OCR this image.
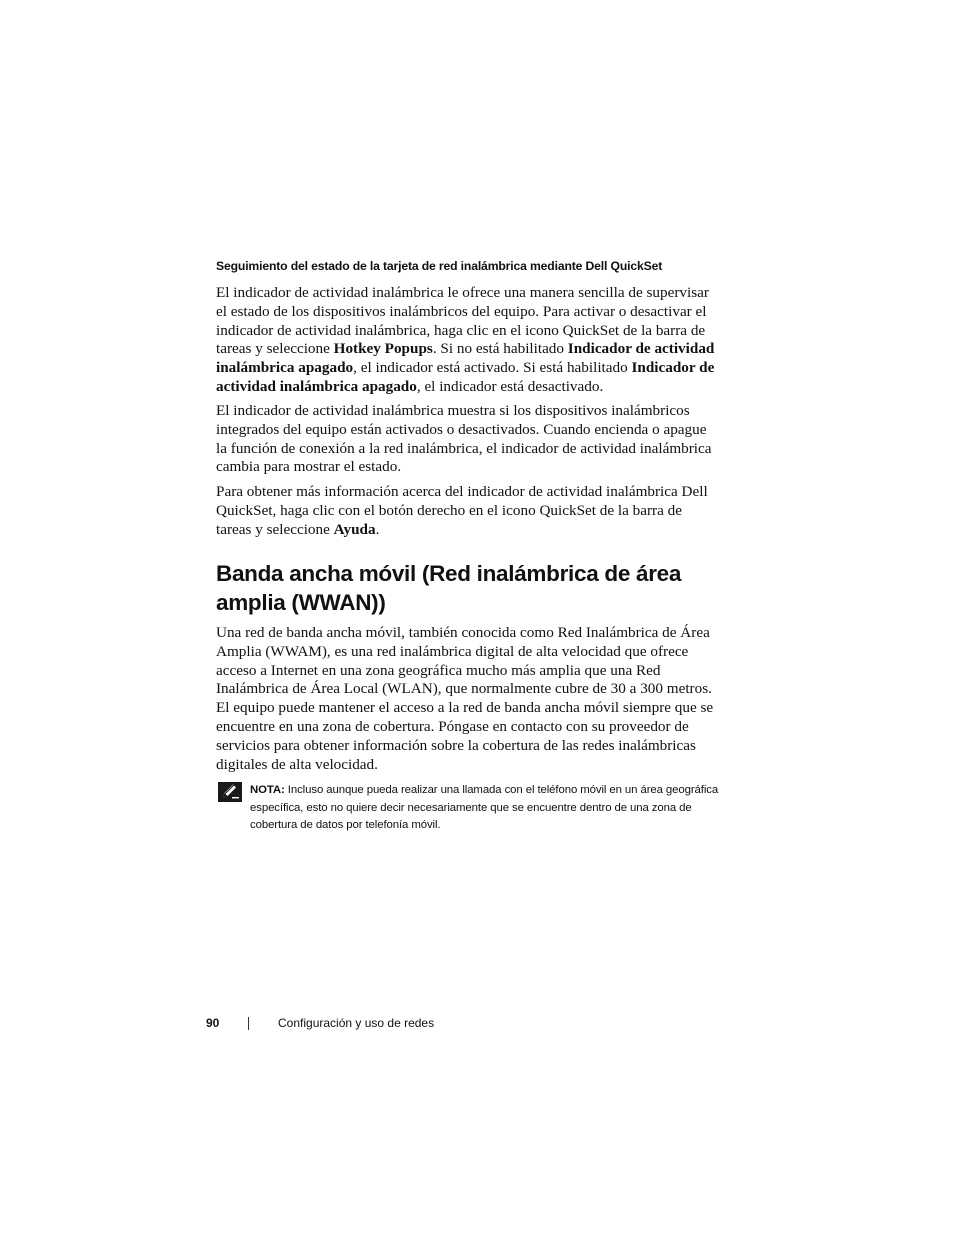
Seguimiento del estado de la tarjeta de red inalámbrica mediante Dell QuickSet

El indicador de actividad inalámbrica le ofrece una manera sencilla de supervisar el estado de los dispositivos inalámbricos del equipo. Para activar o desactivar el indicador de actividad inalámbrica, haga clic en el icono QuickSet de la barra de tareas y seleccione Hotkey Popups. Si no está habilitado Indicador de actividad inalámbrica apagado, el indicador está activado. Si está habilitado Indicador de actividad inalámbrica apagado, el indicador está desactivado.

El indicador de actividad inalámbrica muestra si los dispositivos inalámbricos integrados del equipo están activados o desactivados. Cuando encienda o apague la función de conexión a la red inalámbrica, el indicador de actividad inalámbrica cambia para mostrar el estado.

Para obtener más información acerca del indicador de actividad inalámbrica Dell QuickSet, haga clic con el botón derecho en el icono QuickSet de la barra de tareas y seleccione Ayuda.

Banda ancha móvil (Red inalámbrica de área
amplia (WWAN))

Una red de banda ancha móvil, también conocida como Red Inalámbrica de Área Amplia (WWAM), es una red inalámbrica digital de alta velocidad que ofrece acceso a Internet en una zona geográfica mucho más amplia que una Red Inalámbrica de Área Local (WLAN), que normalmente cubre de 30 a 300 metros. El equipo puede mantener el acceso a la red de banda ancha móvil siempre que se encuentre en una zona de cobertura. Póngase en contacto con su proveedor de servicios para obtener información sobre la cobertura de las redes inalámbricas digitales de alta velocidad.

NOTA: Incluso aunque pueda realizar una llamada con el teléfono móvil en un área geográfica específica, esto no quiere decir necesariamente que se encuentre dentro de una zona de cobertura de datos por telefonía móvil.

90	Configuración y uso de redes
